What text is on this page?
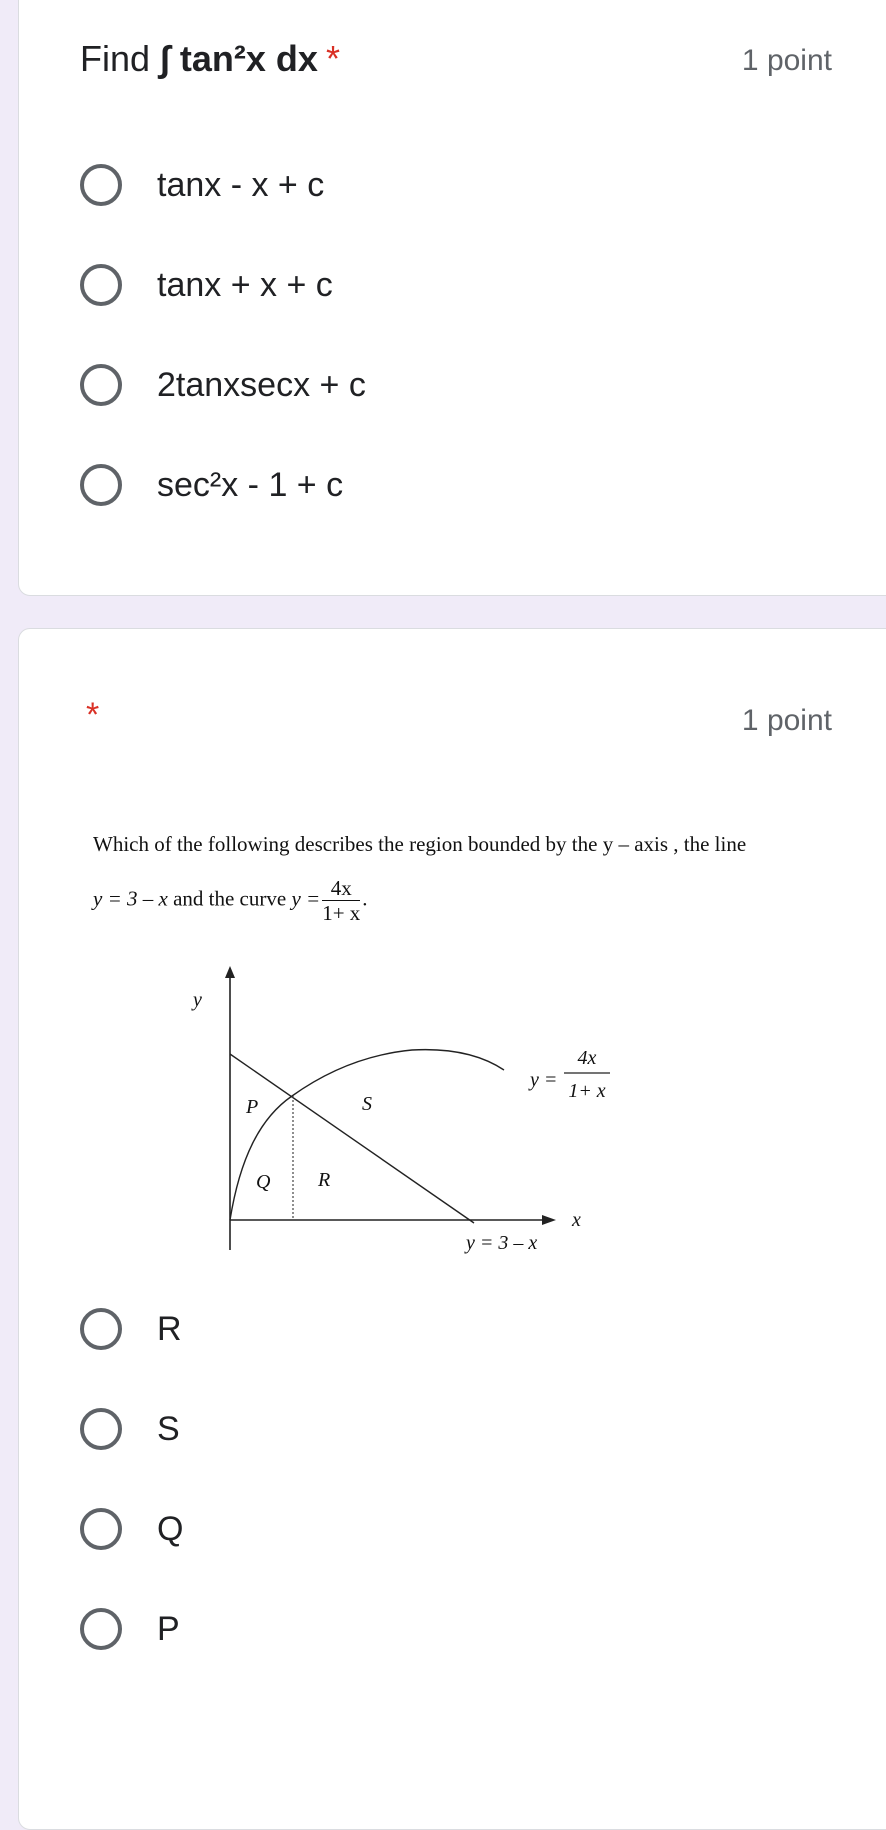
Find ∫ tan²x dx *	1 point
tanx - x + c
tanx + x + c
2tanxsecx + c
sec²x - 1 + c
*	1 point
Which of the following describes the region bounded by the y – axis , the line
y = 3 – x and the curve $y = \frac{4x}{1+ x}$ .
y
x
P	S
Q R
y =
4x
1+ x
y = 3 – x
R
S
Q
P
